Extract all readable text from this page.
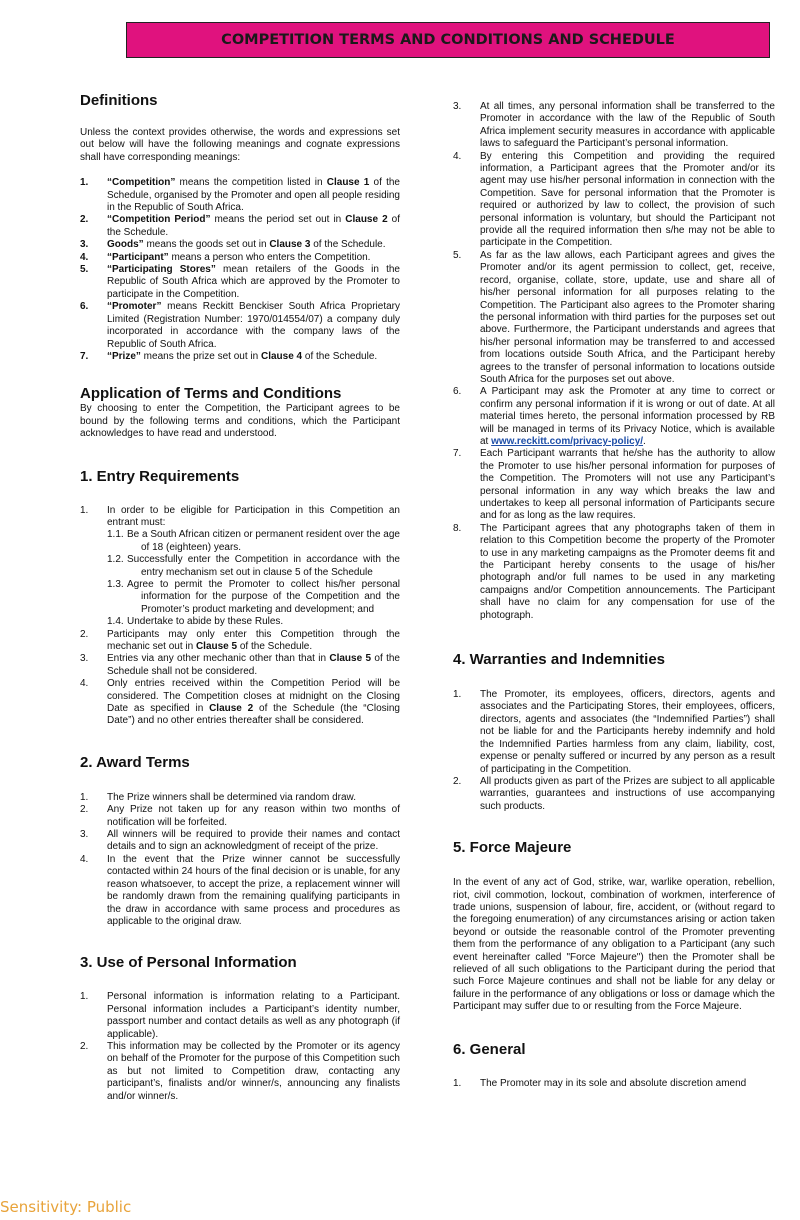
COMPETITION TERMS AND CONDITIONS AND SCHEDULE
Definitions

Unless the context provides otherwise, the words and expressions set out below will have the following meanings and cognate expressions shall have corresponding meanings:

1.	“Competition” means the competition listed in Clause 1 of the Schedule, organised by the Promoter and open all people residing in the Republic of South Africa.
2.	“Competition Period” means the period set out in Clause 2 of the Schedule.
3.	Goods” means the goods set out in Clause 3 of the Schedule.
4.	“Participant” means a person who enters the Competition.
5.	“Participating Stores” mean retailers of the Goods in the Republic of South Africa which are approved by the Promoter to participate in the Competition.
6.	“Promoter” means Reckitt Benckiser South Africa Proprietary Limited (Registration Number: 1970/014554/07) a company duly incorporated in accordance with the company laws of the Republic of South Africa.
7.	“Prize” means the prize set out in Clause 4 of the Schedule.
Application of Terms and Conditions

By choosing to enter the Competition, the Participant agrees to be bound by the following terms and conditions, which the Participant acknowledges to have read and understood.

1. Entry Requirements
1.	In order to be eligible for Participation in this Competition an entrant must:
1.1. Be a South African citizen or permanent resident over the age of 18 (eighteen) years.
1.2. Successfully enter the Competition in accordance with the entry mechanism set out in clause 5 of the Schedule
1.3. Agree to permit the Promoter to collect his/her personal information for the purpose of the Competition and the Promoter’s product marketing and development; and
1.4. Undertake to abide by these Rules.
2.	Participants may only enter this Competition through the mechanic set out in Clause 5 of the Schedule.
3.	Entries via any other mechanic other than that in Clause 5 of the Schedule shall not be considered.
4.	Only entries received within the Competition Period will be considered. The Competition closes at midnight on the Closing Date as specified in Clause 2 of the Schedule (the “Closing Date”) and no other entries thereafter shall be considered.
2. Award Terms
1.	The Prize winners shall be determined via random draw.
2.	Any Prize not taken up for any reason within two months of notification will be forfeited.
3.	All winners will be required to provide their names and contact details and to sign an acknowledgment of receipt of the prize.
4.	In the event that the Prize winner cannot be successfully contacted within 24 hours of the final decision or is unable, for any reason whatsoever, to accept the prize, a replacement winner will be randomly drawn from the remaining qualifying participants in the draw in accordance with same process and procedures as applicable to the original draw.
3. Use of Personal Information
1.	Personal information is information relating to a Participant. Personal information includes a Participant’s identity number, passport number and contact details as well as any photograph (if applicable).
2.	This information may be collected by the Promoter or its agency on behalf of the Promoter for the purpose of this Competition such as but not limited to Competition draw, contacting any participant’s, finalists and/or winner/s, announcing any finalists and/or winner/s.
3.	At all times, any personal information shall be transferred to the Promoter in accordance with the law of the Republic of South Africa implement security measures in accordance with applicable laws to safeguard the Participant’s personal information.
4.	By entering this Competition and providing the required information, a Participant agrees that the Promoter and/or its agent may use his/her personal information in connection with the Competition. Save for personal information that the Promoter is required or authorized by law to collect, the provision of such personal information is voluntary, but should the Participant not provide all the required information then s/he may not be able to participate in the Competition.
5.	As far as the law allows, each Participant agrees and gives the Promoter and/or its agent permission to collect, get, receive, record, organise, collate, store, update, use and share all of his/her personal information for all purposes relating to the Competition. The Participant also agrees to the Promoter sharing the personal information with third parties for the purposes set out above. Furthermore, the Participant understands and agrees that his/her personal information may be transferred to and accessed from locations outside South Africa, and the Participant hereby agrees to the transfer of personal information to locations outside South Africa for the purposes set out above.
6.	A Participant may ask the Promoter at any time to correct or confirm any personal information if it is wrong or out of date. At all material times hereto, the personal information processed by RB will be managed in terms of its Privacy Notice, which is available at www.reckitt.com/privacy-policy/.
7.	Each Participant warrants that he/she has the authority to allow the Promoter to use his/her personal information for purposes of the Competition. The Promoters will not use any Participant’s personal information in any way which breaks the law and undertakes to keep all personal information of Participants secure and for as long as the law requires.
8.	The Participant agrees that any photographs taken of them in relation to this Competition become the property of the Promoter to use in any marketing campaigns as the Promoter deems fit and the Participant hereby consents to the usage of his/her photograph and/or full names to be used in any marketing campaigns and/or Competition announcements. The Participant shall have no claim for any compensation for use of the photograph.
4. Warranties and Indemnities
1.	The Promoter, its employees, officers, directors, agents and associates and the Participating Stores, their employees, officers, directors, agents and associates (the “Indemnified Parties”) shall not be liable for and the Participants hereby indemnify and hold the Indemnified Parties harmless from any claim, liability, cost, expense or penalty suffered or incurred by any person as a result of participating in the Competition.
2.	All products given as part of the Prizes are subject to all applicable warranties, guarantees and instructions of use accompanying such products.
5. Force Majeure

In the event of any act of God, strike, war, warlike operation, rebellion, riot, civil commotion, lockout, combination of workmen, interference of trade unions, suspension of labour, fire, accident, or (without regard to the foregoing enumeration) of any circumstances arising or action taken beyond or outside the reasonable control of the Promoter preventing them from the performance of any obligation to a Participant (any such event hereinafter called "Force Majeure") then the Promoter shall be relieved of all such obligations to the Participant during the period that such Force Majeure continues and shall not be liable for any delay or failure in the performance of any obligations or loss or damage which the Participant may suffer due to or resulting from the Force Majeure.

6. General
1.	The Promoter may in its sole and absolute discretion amend
Sensitivity: Public
